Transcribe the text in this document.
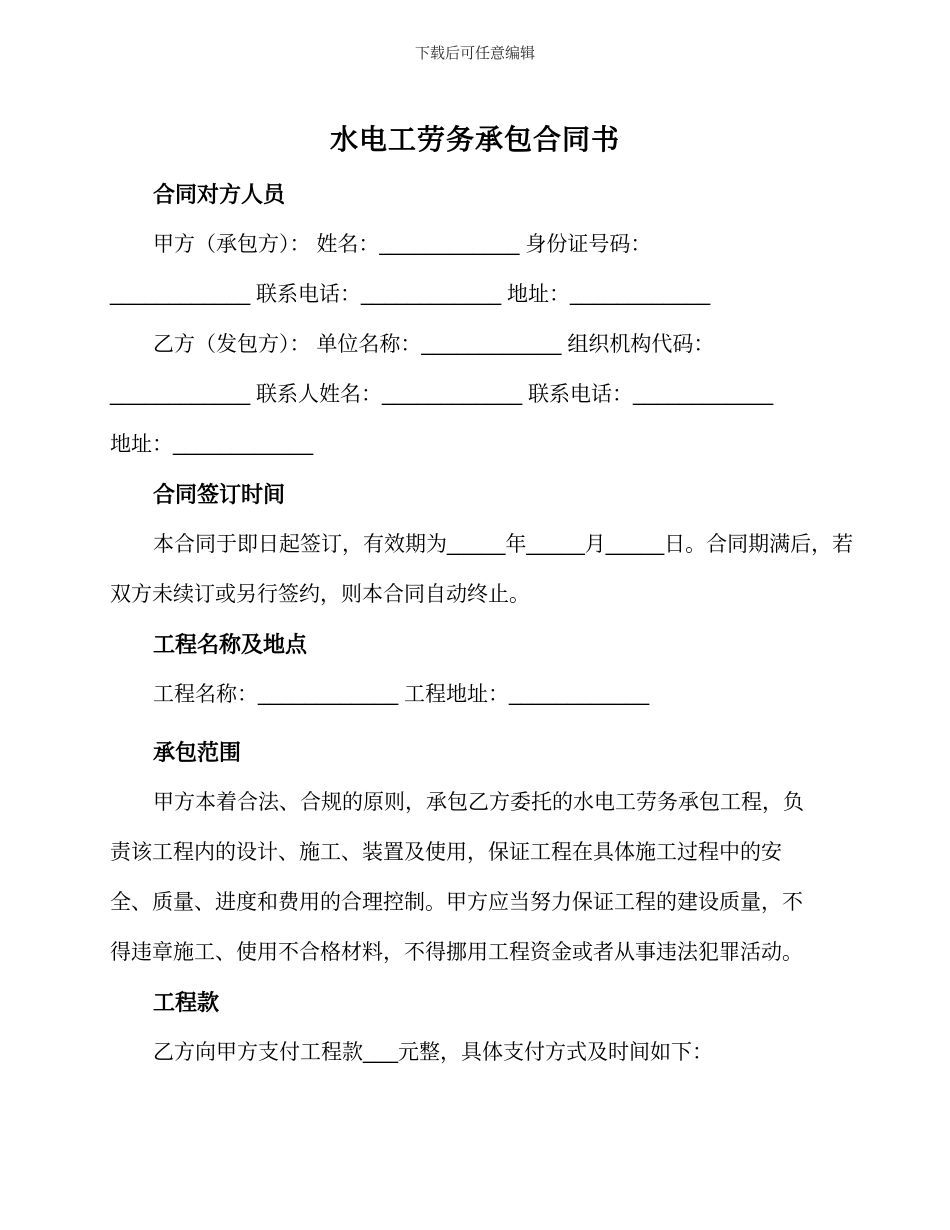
下载后可任意编辑
水电工劳务承包合同书
合同对方人员
甲方（承包方）： 姓名：____________ 身份证号码：
____________ 联系电话：____________ 地址：____________
乙方（发包方）： 单位名称：____________ 组织机构代码：
____________ 联系人姓名：____________ 联系电话：____________
地址：____________
合同签订时间
本合同于即日起签订，有效期为_____年_____月_____日。合同期满后，若
双方未续订或另行签约，则本合同自动终止。
工程名称及地点
工程名称：____________ 工程地址：____________
承包范围
甲方本着合法、合规的原则，承包乙方委托的水电工劳务承包工程，负
责该工程内的设计、施工、装置及使用，保证工程在具体施工过程中的安
全、质量、进度和费用的合理控制。甲方应当努力保证工程的建设质量，不
得违章施工、使用不合格材料，不得挪用工程资金或者从事违法犯罪活动。
工程款
乙方向甲方支付工程款___元整，具体支付方式及时间如下：
